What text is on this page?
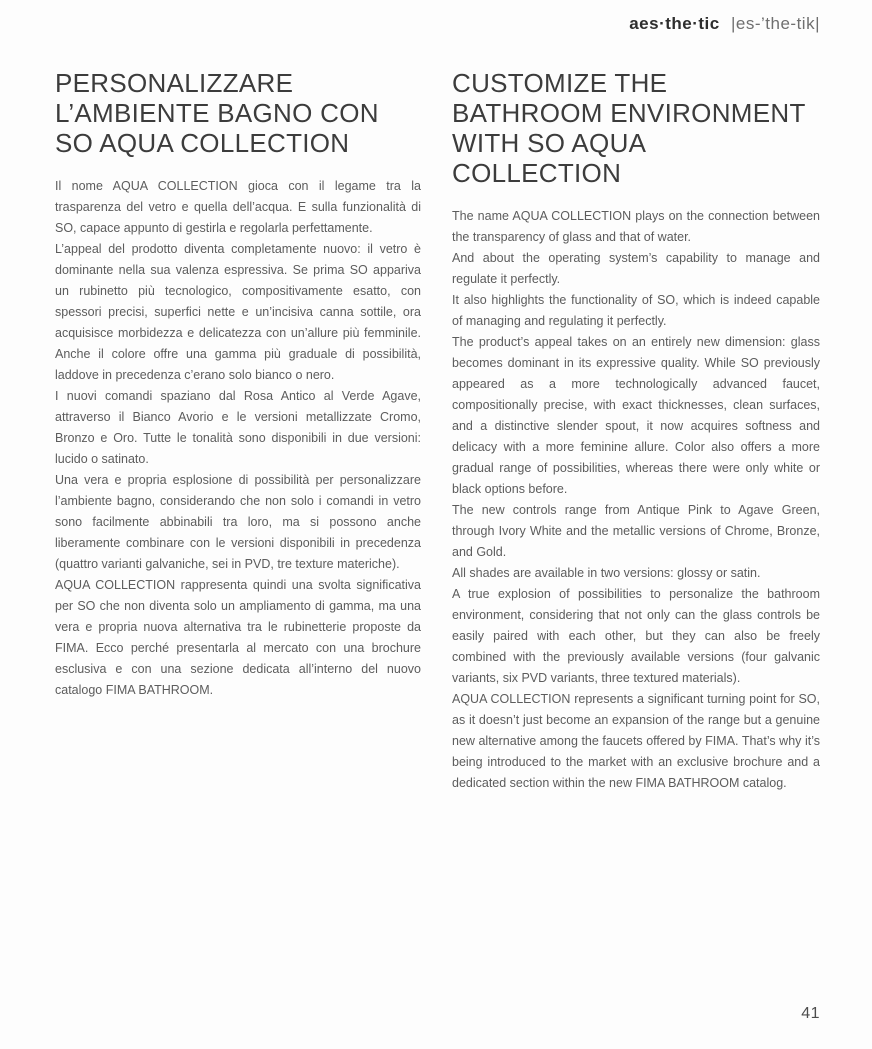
aes·the·tic |es-’the-tik|
PERSONALIZZARE L’AMBIENTE BAGNO CON SO AQUA COLLECTION

Il nome AQUA COLLECTION gioca con il legame tra la trasparenza del vetro e quella dell’acqua. E sulla funzionalità di SO, capace appunto di gestirla e regolarla perfettamente.

L’appeal del prodotto diventa completamente nuovo: il vetro è dominante nella sua valenza espressiva. Se prima SO appariva un rubinetto più tecnologico, compositivamente esatto, con spessori precisi, superfici nette e un’incisiva canna sottile, ora acquisisce morbidezza e delicatezza con un’allure più femminile. Anche il colore offre una gamma più graduale di possibilità, laddove in precedenza c’erano solo bianco o nero.

I nuovi comandi spaziano dal Rosa Antico al Verde Agave, attraverso il Bianco Avorio e le versioni metallizzate Cromo, Bronzo e Oro. Tutte le tonalità sono disponibili in due versioni: lucido o satinato.

Una vera e propria esplosione di possibilità per personalizzare l’ambiente bagno, considerando che non solo i comandi in vetro sono facilmente abbinabili tra loro, ma si possono anche liberamente combinare con le versioni disponibili in precedenza (quattro varianti galvaniche, sei in PVD, tre texture materiche).

AQUA COLLECTION rappresenta quindi una svolta significativa per SO che non diventa solo un ampliamento di gamma, ma una vera e propria nuova alternativa tra le rubinetterie proposte da FIMA. Ecco perché presentarla al mercato con una brochure esclusiva e con una sezione dedicata all’interno del nuovo catalogo FIMA BATHROOM.

CUSTOMIZE THE BATHROOM ENVIRONMENT WITH SO AQUA COLLECTION

The name AQUA COLLECTION plays on the connection between the transparency of glass and that of water.

And about the operating system’s capability to manage and regulate it perfectly.

It also highlights the functionality of SO, which is indeed capable of managing and regulating it perfectly.

The product’s appeal takes on an entirely new dimension: glass becomes dominant in its expressive quality. While SO previously appeared as a more technologically advanced faucet, compositionally precise, with exact thicknesses, clean surfaces, and a distinctive slender spout, it now acquires softness and delicacy with a more feminine allure. Color also offers a more gradual range of possibilities, whereas there were only white or black options before.

The new controls range from Antique Pink to Agave Green, through Ivory White and the metallic versions of Chrome, Bronze, and Gold.

All shades are available in two versions: glossy or satin.

A true explosion of possibilities to personalize the bathroom environment, considering that not only can the glass controls be easily paired with each other, but they can also be freely combined with the previously available versions (four galvanic variants, six PVD variants, three textured materials).

AQUA COLLECTION represents a significant turning point for SO, as it doesn’t just become an expansion of the range but a genuine new alternative among the faucets offered by FIMA. That’s why it’s being introduced to the market with an exclusive brochure and a dedicated section within the new FIMA BATHROOM catalog.

41
